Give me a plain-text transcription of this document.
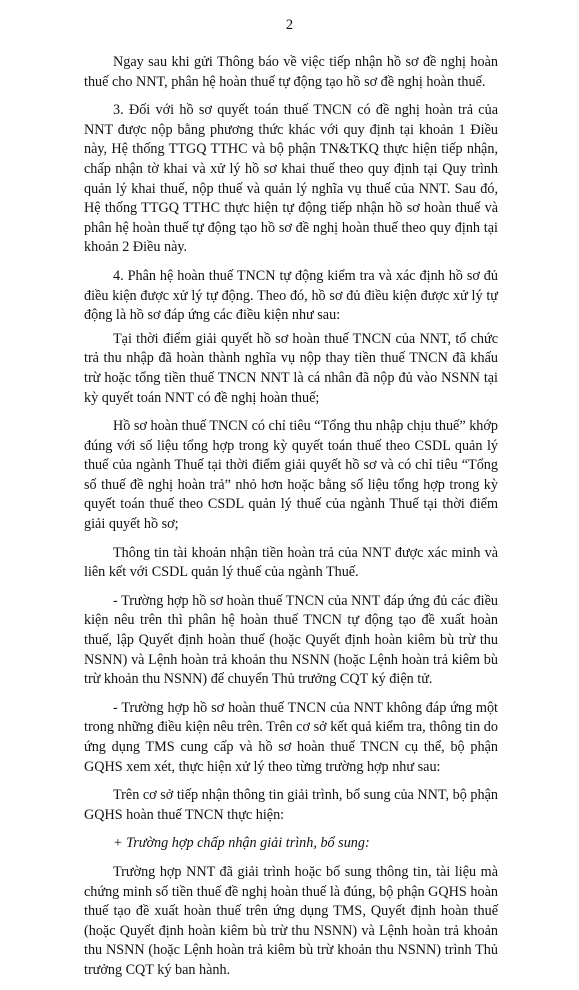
2

Ngay sau khi gửi Thông báo về việc tiếp nhận hồ sơ đề nghị hoàn thuế cho NNT, phân hệ hoàn thuế tự động tạo hồ sơ đề nghị hoàn thuế.

3. Đối với hồ sơ quyết toán thuế TNCN có đề nghị hoàn trả của NNT được nộp bằng phương thức khác với quy định tại khoản 1 Điều này, Hệ thống TTGQ TTHC và bộ phận TN&TKQ thực hiện tiếp nhận, chấp nhận tờ khai và xử lý hồ sơ khai thuế theo quy định tại Quy trình quản lý khai thuế, nộp thuế và quản lý nghĩa vụ thuế của NNT. Sau đó, Hệ thống TTGQ TTHC thực hiện tự động tiếp nhận hồ sơ hoàn thuế và phân hệ hoàn thuế tự động tạo hồ sơ đề nghị hoàn thuế theo quy định tại khoản 2 Điều này.

4. Phân hệ hoàn thuế TNCN tự động kiểm tra và xác định hồ sơ đủ điều kiện được xử lý tự động. Theo đó, hồ sơ đủ điều kiện được xử lý tự động là hồ sơ đáp ứng các điều kiện như sau:

Tại thời điểm giải quyết hồ sơ hoàn thuế TNCN của NNT, tổ chức trả thu nhập đã hoàn thành nghĩa vụ nộp thay tiền thuế TNCN đã khấu trừ hoặc tổng tiền thuế TNCN NNT là cá nhân đã nộp đủ vào NSNN tại kỳ quyết toán NNT có đề nghị hoàn thuế;

Hồ sơ hoàn thuế TNCN có chỉ tiêu “Tổng thu nhập chịu thuế” khớp đúng với số liệu tổng hợp trong kỳ quyết toán thuế theo CSDL quản lý thuế của ngành Thuế tại thời điểm giải quyết hồ sơ và có chỉ tiêu “Tổng số thuế đề nghị hoàn trả” nhỏ hơn hoặc bằng số liệu tổng hợp trong kỳ quyết toán thuế theo CSDL quản lý thuế của ngành Thuế tại thời điểm giải quyết hồ sơ;

Thông tin tài khoản nhận tiền hoàn trả của NNT được xác minh và liên kết với CSDL quản lý thuế của ngành Thuế.

- Trường hợp hồ sơ hoàn thuế TNCN của NNT đáp ứng đủ các điều kiện nêu trên thì phân hệ hoàn thuế TNCN tự động tạo đề xuất hoàn thuế, lập Quyết định hoàn thuế (hoặc Quyết định hoàn kiêm bù trừ thu NSNN) và Lệnh hoàn trả khoản thu NSNN (hoặc Lệnh hoàn trả kiêm bù trừ khoản thu NSNN) để chuyển Thủ trưởng CQT ký điện tử.

- Trường hợp hồ sơ hoàn thuế TNCN của NNT không đáp ứng một trong những điều kiện nêu trên. Trên cơ sở kết quả kiểm tra, thông tin do ứng dụng TMS cung cấp và hồ sơ hoàn thuế TNCN cụ thể, bộ phận GQHS xem xét, thực hiện xử lý theo từng trường hợp như sau:

Trên cơ sở tiếp nhận thông tin giải trình, bổ sung của NNT, bộ phận GQHS hoàn thuế TNCN thực hiện:

+ Trường hợp chấp nhận giải trình, bổ sung:

Trường hợp NNT đã giải trình hoặc bổ sung thông tin, tài liệu mà chứng minh số tiền thuế đề nghị hoàn thuế là đúng, bộ phận GQHS hoàn thuế tạo đề xuất hoàn thuế trên ứng dụng TMS, Quyết định hoàn thuế (hoặc Quyết định hoàn kiêm bù trừ thu NSNN) và Lệnh hoàn trả khoản thu NSNN (hoặc Lệnh hoàn trả kiêm bù trừ khoản thu NSNN) trình Thủ trưởng CQT ký ban hành.
